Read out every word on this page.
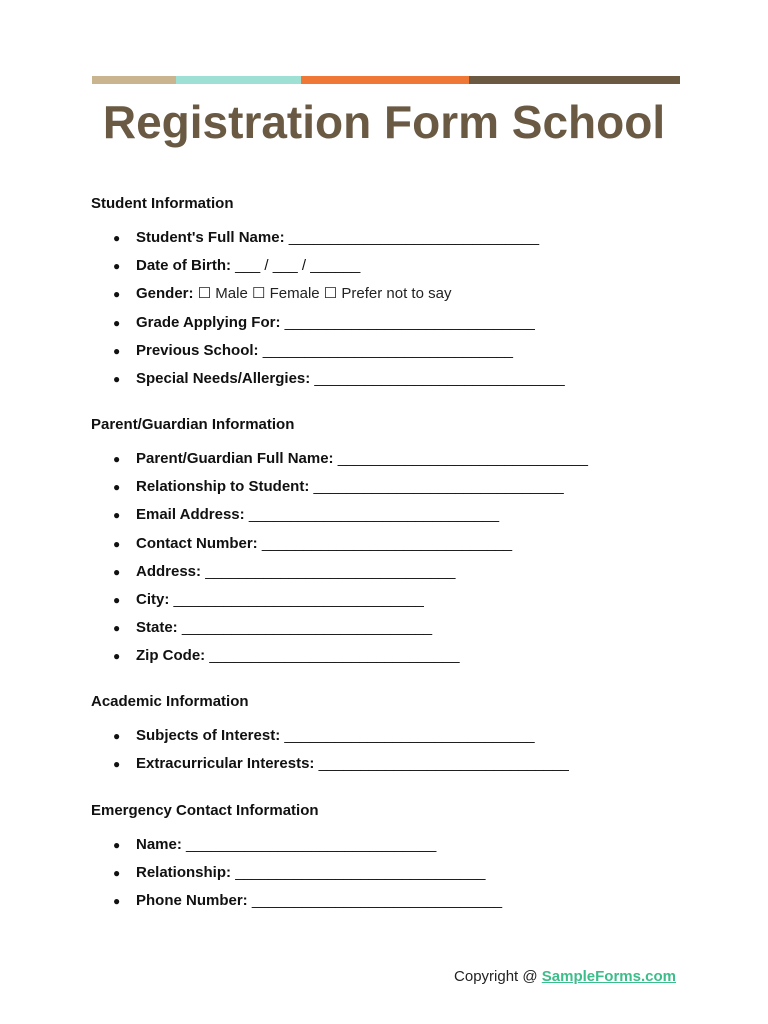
Registration Form School
Student Information
● Student's Full Name: ______________________________
● Date of Birth: ___ / ___ / ______
● Gender: ☐ Male ☐ Female ☐ Prefer not to say
● Grade Applying For: ______________________________
● Previous School: ______________________________
● Special Needs/Allergies: ______________________________
Parent/Guardian Information
● Parent/Guardian Full Name: ______________________________
● Relationship to Student: ______________________________
● Email Address: ______________________________
● Contact Number: ______________________________
● Address: ______________________________
● City: ______________________________
● State: ______________________________
● Zip Code: ______________________________
Academic Information
● Subjects of Interest: ______________________________
● Extracurricular Interests: ______________________________
Emergency Contact Information
● Name: ______________________________
● Relationship: ______________________________
● Phone Number: ______________________________
Copyright @ SampleForms.com
